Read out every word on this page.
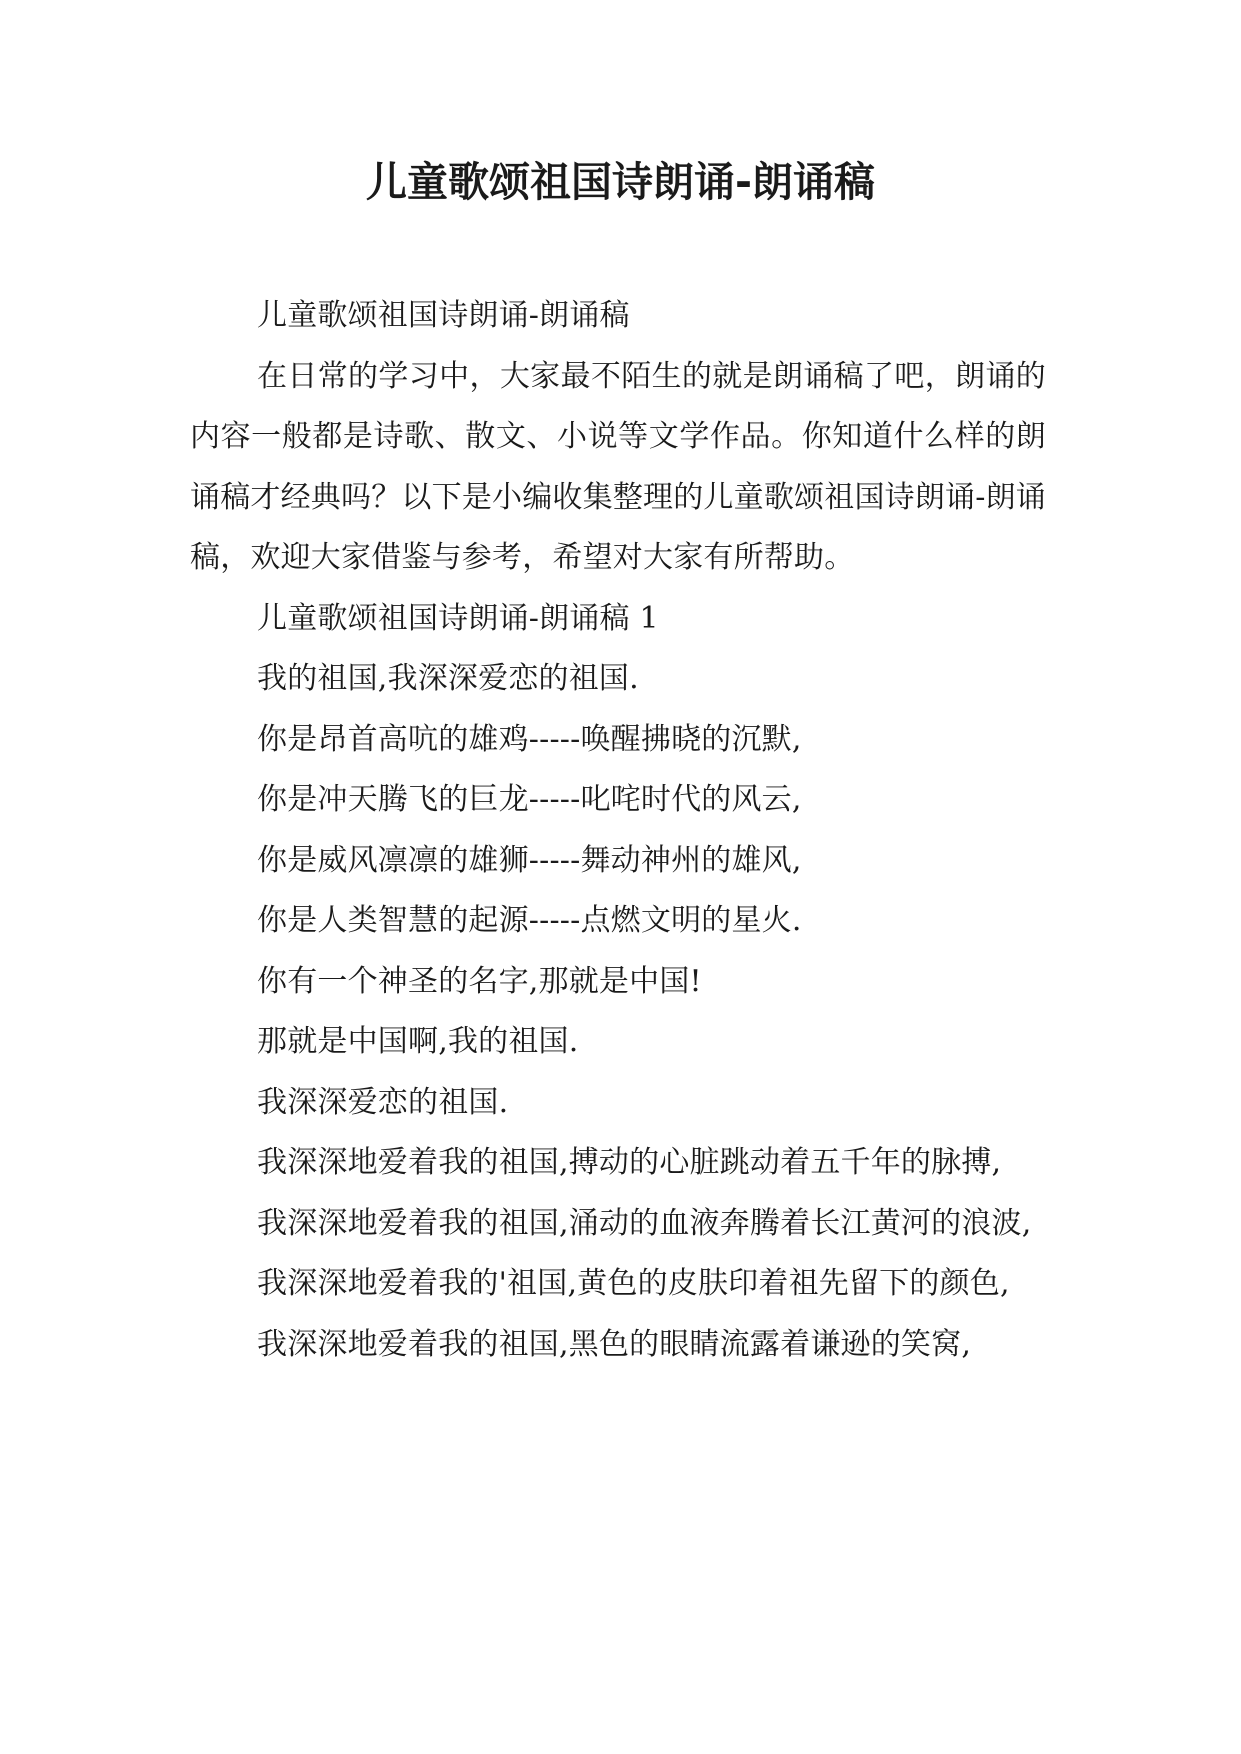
儿童歌颂祖国诗朗诵-朗诵稿

儿童歌颂祖国诗朗诵-朗诵稿

在日常的学习中，大家最不陌生的就是朗诵稿了吧，朗诵的内容一般都是诗歌、散文、小说等文学作品。你知道什么样的朗诵稿才经典吗？以下是小编收集整理的儿童歌颂祖国诗朗诵-朗诵稿，欢迎大家借鉴与参考，希望对大家有所帮助。

儿童歌颂祖国诗朗诵-朗诵稿 1

我的祖国,我深深爱恋的祖国.

你是昂首高吭的雄鸡-----唤醒拂晓的沉默,

你是冲天腾飞的巨龙-----叱咤时代的风云,

你是威风凛凛的雄狮-----舞动神州的雄风,

你是人类智慧的起源-----点燃文明的星火.

你有一个神圣的名字,那就是中国!

那就是中国啊,我的祖国.

我深深爱恋的祖国.

我深深地爱着我的祖国,搏动的心脏跳动着五千年的脉搏,

我深深地爱着我的祖国,涌动的血液奔腾着长江黄河的浪波,

我深深地爱着我的'祖国,黄色的皮肤印着祖先留下的颜色,

我深深地爱着我的祖国,黑色的眼睛流露着谦逊的笑窝,
